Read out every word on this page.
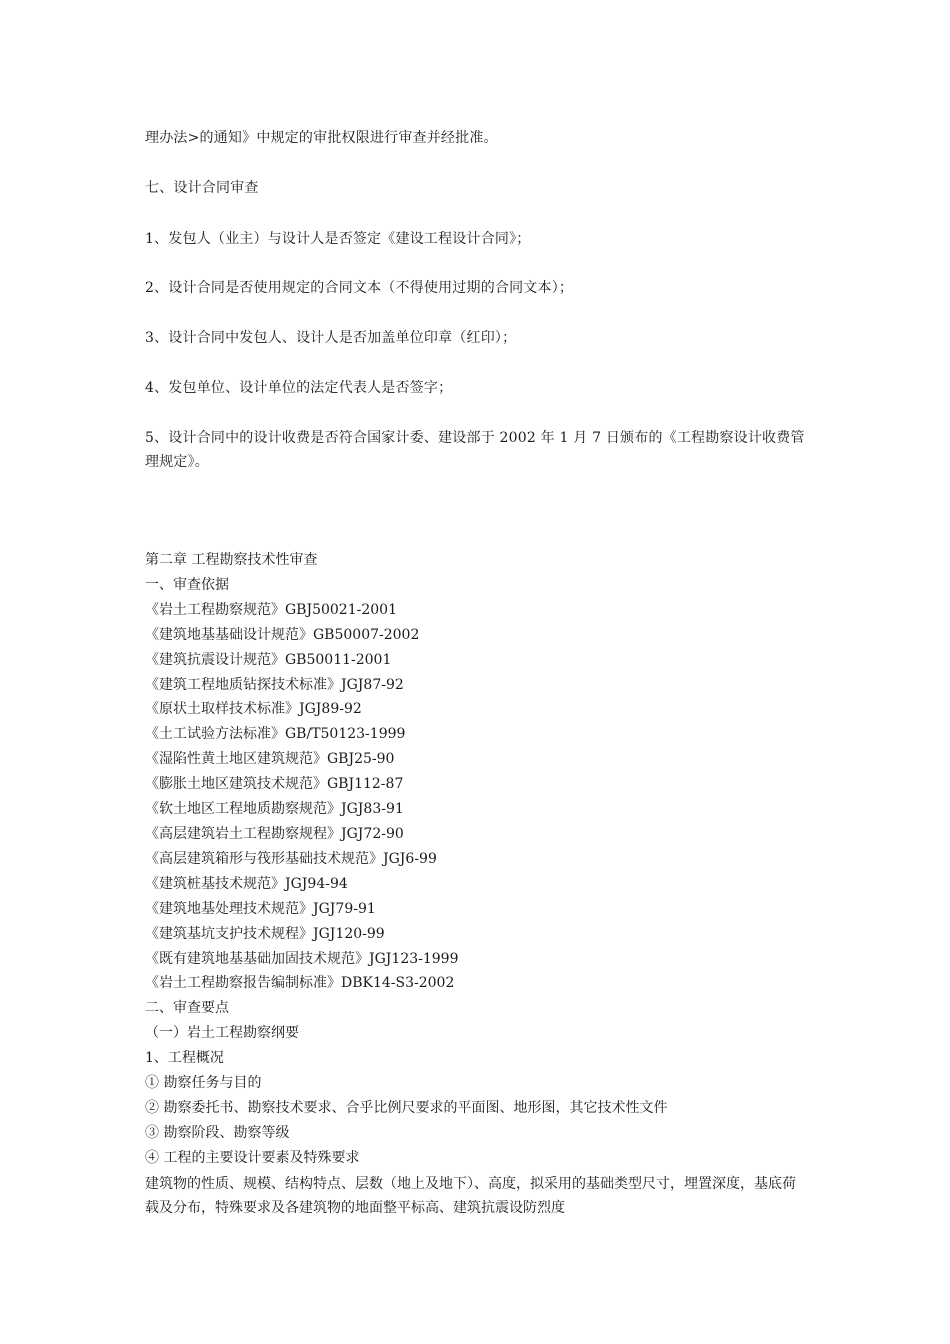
理办法>的通知》中规定的审批权限进行审查并经批准。

七、设计合同审查

1、发包人（业主）与设计人是否签定《建设工程设计合同》；

2、设计合同是否使用规定的合同文本（不得使用过期的合同文本）；

3、设计合同中发包人、设计人是否加盖单位印章（红印）；

4、发包单位、设计单位的法定代表人是否签字；

5、设计合同中的设计收费是否符合国家计委、建设部于 2002 年 1 月 7 日颁布的《工程勘察设计收费管理规定》。

第二章 工程勘察技术性审查
一、审查依据
《岩土工程勘察规范》GBJ50021-2001
《建筑地基基础设计规范》GB50007-2002
《建筑抗震设计规范》GB50011-2001
《建筑工程地质钻探技术标准》JGJ87-92
《原状土取样技术标准》JGJ89-92
《土工试验方法标准》GB/T50123-1999
《湿陷性黄土地区建筑规范》GBJ25-90
《膨胀土地区建筑技术规范》GBJ112-87
《软土地区工程地质勘察规范》JGJ83-91
《高层建筑岩土工程勘察规程》JGJ72-90
《高层建筑箱形与筏形基础技术规范》JGJ6-99
《建筑桩基技术规范》JGJ94-94
《建筑地基处理技术规范》JGJ79-91
《建筑基坑支护技术规程》JGJ120-99
《既有建筑地基基础加固技术规范》JGJ123-1999
《岩土工程勘察报告编制标准》DBK14-S3-2002
二、审查要点
（一）岩土工程勘察纲要
1、工程概况
① 勘察任务与目的
② 勘察委托书、勘察技术要求、合乎比例尺要求的平面图、地形图，其它技术性文件
③ 勘察阶段、勘察等级
④ 工程的主要设计要素及特殊要求
建筑物的性质、规模、结构特点、层数（地上及地下）、高度，拟采用的基础类型尺寸，埋置深度，基底荷载及分布，特殊要求及各建筑物的地面整平标高、建筑抗震设防烈度
